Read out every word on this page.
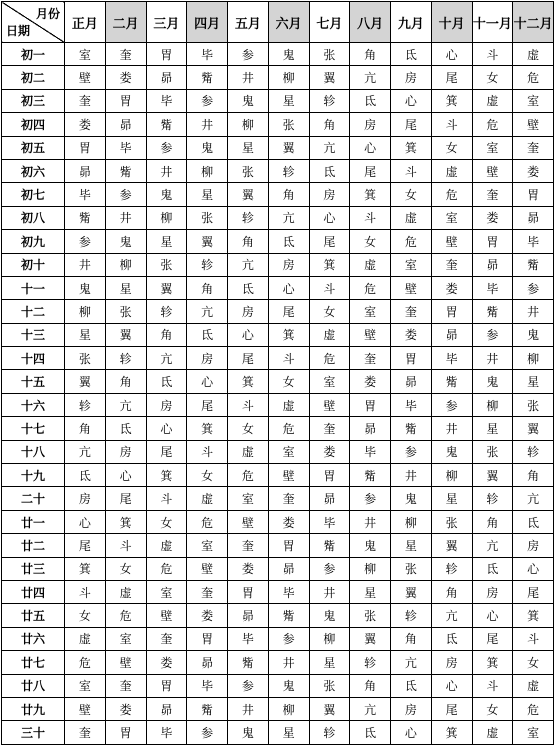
月份
日期	正月	二月	三月	四月	五月	六月	七月	八月	九月	十月	十一月	十二月
初一	室	奎	胃	毕	参	鬼	张	角	氐	心	斗	虚
初二	壁	娄	昴	觜	井	柳	翼	亢	房	尾	女	危
初三	奎	胃	毕	参	鬼	星	轸	氐	心	箕	虚	室
初四	娄	昴	觜	井	柳	张	角	房	尾	斗	危	壁
初五	胃	毕	参	鬼	星	翼	亢	心	箕	女	室	奎
初六	昴	觜	井	柳	张	轸	氐	尾	斗	虚	壁	娄
初七	毕	参	鬼	星	翼	角	房	箕	女	危	奎	胃
初八	觜	井	柳	张	轸	亢	心	斗	虚	室	娄	昴
初九	参	鬼	星	翼	角	氐	尾	女	危	壁	胃	毕
初十	井	柳	张	轸	亢	房	箕	虚	室	奎	昴	觜
十一	鬼	星	翼	角	氐	心	斗	危	壁	娄	毕	参
十二	柳	张	轸	亢	房	尾	女	室	奎	胃	觜	井
十三	星	翼	角	氐	心	箕	虚	壁	娄	昴	参	鬼
十四	张	轸	亢	房	尾	斗	危	奎	胃	毕	井	柳
十五	翼	角	氐	心	箕	女	室	娄	昴	觜	鬼	星
十六	轸	亢	房	尾	斗	虚	壁	胃	毕	参	柳	张
十七	角	氐	心	箕	女	危	奎	昴	觜	井	星	翼
十八	亢	房	尾	斗	虚	室	娄	毕	参	鬼	张	轸
十九	氐	心	箕	女	危	壁	胃	觜	井	柳	翼	角
二十	房	尾	斗	虚	室	奎	昴	参	鬼	星	轸	亢
廿一	心	箕	女	危	壁	娄	毕	井	柳	张	角	氐
廿二	尾	斗	虚	室	奎	胃	觜	鬼	星	翼	亢	房
廿三	箕	女	危	壁	娄	昴	参	柳	张	轸	氐	心
廿四	斗	虚	室	奎	胃	毕	井	星	翼	角	房	尾
廿五	女	危	壁	娄	昴	觜	鬼	张	轸	亢	心	箕
廿六	虚	室	奎	胃	毕	参	柳	翼	角	氐	尾	斗
廿七	危	壁	娄	昴	觜	井	星	轸	亢	房	箕	女
廿八	室	奎	胃	毕	参	鬼	张	角	氐	心	斗	虚
廿九	壁	娄	昴	觜	井	柳	翼	亢	房	尾	女	危
三十	奎	胃	毕	参	鬼	星	轸	氐	心	箕	虚	室
